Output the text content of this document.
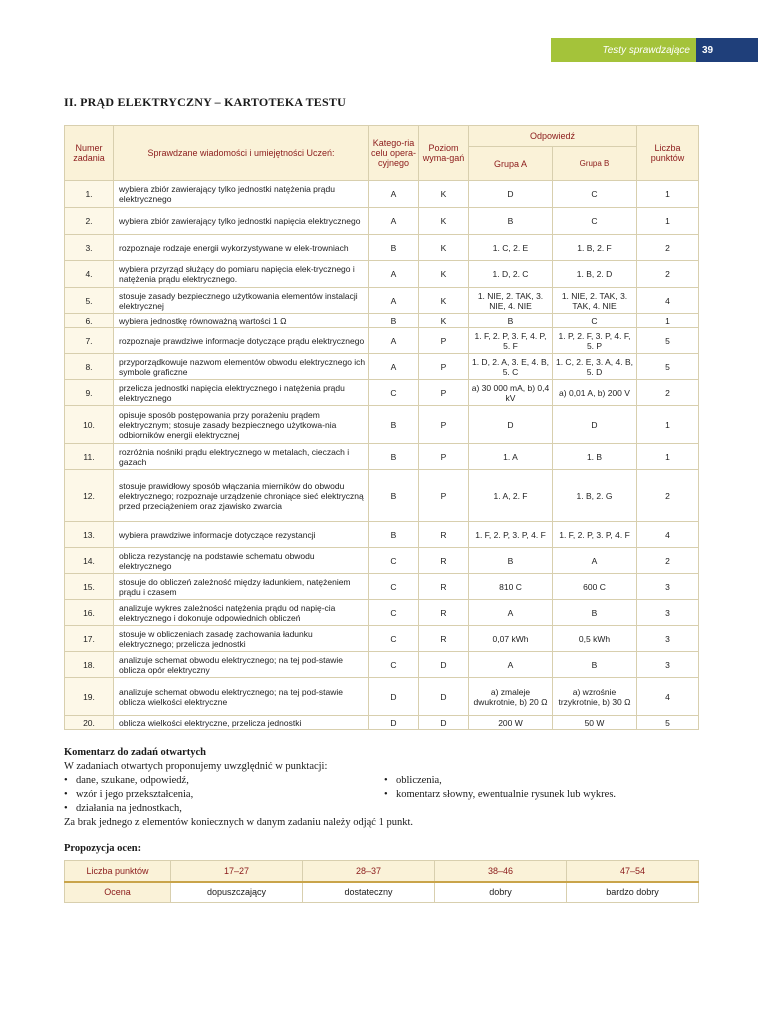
Testy sprawdzające	39
II. PRĄD ELEKTRYCZNY – KARTOTEKA TESTU
Numer zadania	Sprawdzane wiadomości i umiejętności Uczeń:	Katego-ria celu opera-cyjnego	Poziom wyma-gań	Odpowiedź		Liczba punktów
				Grupa A	Grupa B	
1.	wybiera zbiór zawierający tylko jednostki natężenia prądu elektrycznego	A	K	D	C	1
2.	wybiera zbiór zawierający tylko jednostki napięcia elektrycznego	A	K	B	C	1
3.	rozpoznaje rodzaje energii wykorzystywane w elek-trowniach	B	K	1. C, 2. E	1. B, 2. F	2
4.	wybiera przyrząd służący do pomiaru napięcia elek-trycznego i natężenia prądu elektrycznego.	A	K	1. D, 2. C	1. B, 2. D	2
5.	stosuje zasady bezpiecznego użytkowania elementów instalacji elektrycznej	A	K	1. NIE, 2. TAK, 3. NIE, 4. NIE	1. NIE, 2. TAK, 3. TAK, 4. NIE	4
6.	wybiera jednostkę równoważną wartości 1 Ω	B	K	B	C	1
7.	rozpoznaje prawdziwe informacje dotyczące prądu elektrycznego	A	P	1. F, 2. P, 3. F, 4. P, 5. F	1. P, 2. F, 3. P, 4. F, 5. P	5
8.	przyporządkowuje nazwom elementów obwodu elektrycznego ich symbole graficzne	A	P	1. D, 2. A, 3. E, 4. B, 5. C	1. C, 2. E, 3. A, 4. B, 5. D	5
9.	przelicza jednostki napięcia elektrycznego i natężenia prądu elektrycznego	C	P	a) 30 000 mA, b) 0,4 kV	a) 0,01 A, b) 200 V	2
10.	opisuje sposób postępowania przy porażeniu prądem elektrycznym; stosuje zasady bezpiecznego użytkowa-nia odbiorników energii elektrycznej	B	P	D	D	1
11.	rozróżnia nośniki prądu elektrycznego w metalach, cieczach i gazach	B	P	1. A	1. B	1
12.	stosuje prawidłowy sposób włączania mierników do obwodu elektrycznego; rozpoznaje urządzenie chroniące sieć elektryczną przed przeciążeniem oraz zjawisko zwarcia	B	P	1. A, 2. F	1. B, 2. G	2
13.	wybiera prawdziwe informacje dotyczące rezystancji	B	R	1. F, 2. P, 3. P, 4. F	1. F, 2. P, 3. P, 4. F	4
14.	oblicza rezystancję na podstawie schematu obwodu elektrycznego	C	R	B	A	2
15.	stosuje do obliczeń zależność między ładunkiem, natężeniem prądu i czasem	C	R	810 C	600 C	3
16.	analizuje wykres zależności natężenia prądu od napię-cia elektrycznego i dokonuje odpowiednich obliczeń	C	R	A	B	3
17.	stosuje w obliczeniach zasadę zachowania ładunku elektrycznego; przelicza jednostki	C	R	0,07 kWh	0,5 kWh	3
18.	analizuje schemat obwodu elektrycznego; na tej pod-stawie oblicza opór elektryczny	C	D	A	B	3
19.	analizuje schemat obwodu elektrycznego; na tej pod-stawie oblicza wielkości elektryczne	D	D	a) zmaleje dwukrotnie, b) 20 Ω	a) wzrośnie trzykrotnie, b) 30 Ω	4
20.	oblicza wielkości elektryczne, przelicza jednostki	D	D	200 W	50 W	5
Komentarz do zadań otwartych
W zadaniach otwartych proponujemy uwzględnić w punktacji:
• dane, szukane, odpowiedź,
• wzór i jego przekształcenia,
• działania na jednostkach,
• obliczenia,
• komentarz słowny, ewentualnie rysunek lub wykres.
Za brak jednego z elementów koniecznych w danym zadaniu należy odjąć 1 punkt.
Propozycja ocen:
Liczba punktów	17–27	28–37	38–46	47–54
Ocena	dopuszczający	dostateczny	dobry	bardzo dobry
